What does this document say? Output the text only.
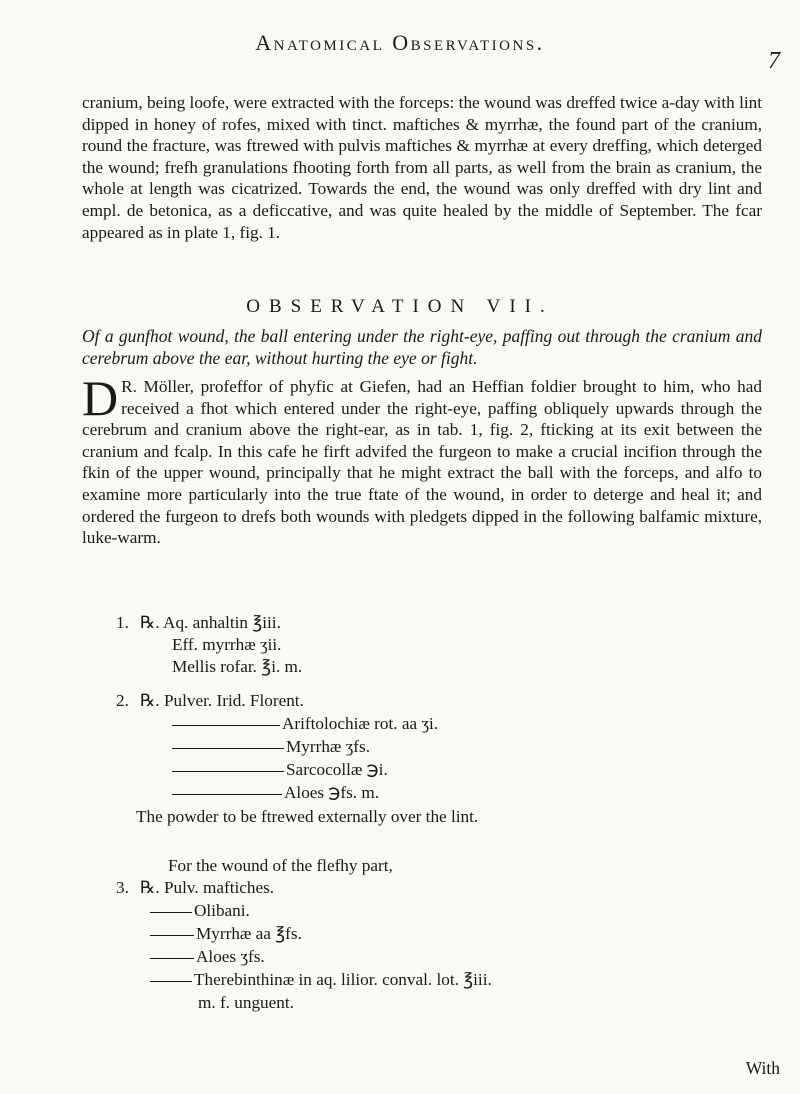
Anatomical Observations.
7
cranium, being loofe, were extracted with the forceps: the wound was dreffed twice a-day with lint dipped in honey of rofes, mixed with tinct. maftiches & myrrhæ, the found part of the cranium, round the fracture, was ftrewed with pulvis maftiches & myrrhæ at every dreffing, which deterged the wound; frefh granulations fhooting forth from all parts, as well from the brain as cranium, the whole at length was cicatrized. Towards the end, the wound was only dreffed with dry lint and empl. de betonica, as a deficcative, and was quite healed by the middle of September. The fcar appeared as in plate 1, fig. 1.
OBSERVATION VII.
Of a gunfhot wound, the ball entering under the right-eye, paffing out through the cranium and cerebrum above the ear, without hurting the eye or fight.
D R. Möller, profeffor of phyfic at Giefen, had an Heffian foldier brought to him, who had received a fhot which entered under the right-eye, paffing obliquely upwards through the cerebrum and cranium above the right-ear, as in tab. 1, fig. 2, fticking at its exit between the cranium and fcalp. In this cafe he firft advifed the furgeon to make a crucial incifion through the fkin of the upper wound, principally that he might extract the ball with the forceps, and alfo to examine more particularly into the true ftate of the wound, in order to deterge and heal it; and ordered the furgeon to drefs both wounds with pledgets dipped in the following balfamic mixture, luke-warm.
1. ℞. Aq. anhaltin ℥iii.
Eff. myrrhæ ʒii.
Mellis rofar. ℥i. m.
2. ℞. Pulver. Irid. Florent.
Ariftolochiæ rot. aa ʒi.
Myrrhæ ʒfs.
Sarcocollæ ℈i.
Aloes ℈fs. m.
The powder to be ftrewed externally over the lint.
For the wound of the flefhy part,
3. ℞. Pulv. maftiches.
Olibani.
Myrrhæ aa ℥fs.
Aloes ʒfs.
Therebinthinæ in aq. lilior. conval. lot. ℥iii.
m. f. unguent.
With
